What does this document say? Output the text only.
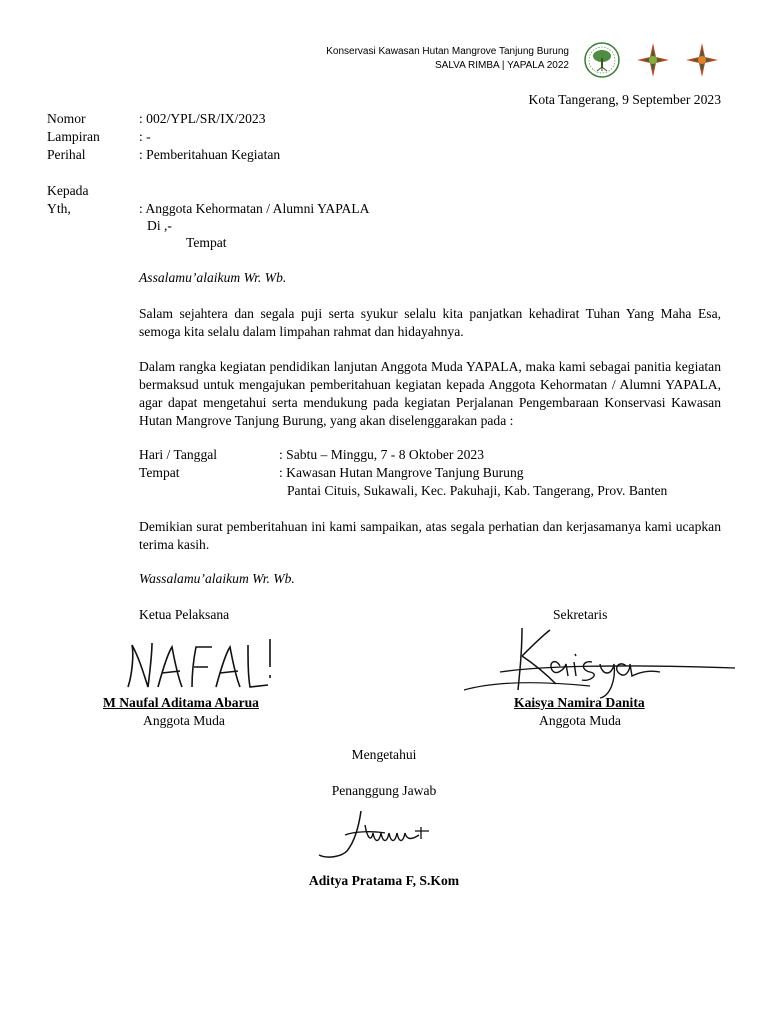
Konservasi Kawasan Hutan Mangrove Tanjung Burung
SALVA RIMBA | YAPALA 2022
Kota Tangerang, 9 September 2023
Nomor	: 002/YPL/SR/IX/2023
Lampiran	: -
Perihal	: Pemberitahuan Kegiatan
Kepada
Yth,	: Anggota Kehormatan / Alumni YAPALA
Di ,-
Tempat
Assalamu’alaikum Wr. Wb.
Salam sejahtera dan segala puji serta syukur selalu kita panjatkan kehadirat Tuhan Yang Maha Esa, semoga kita selalu dalam limpahan rahmat dan hidayahnya.
Dalam rangka kegiatan pendidikan lanjutan Anggota Muda YAPALA, maka kami sebagai panitia kegiatan bermaksud untuk mengajukan pemberitahuan kegiatan kepada Anggota Kehormatan / Alumni YAPALA, agar dapat mengetahui serta mendukung pada kegiatan Perjalanan Pengembaraan Konservasi Kawasan Hutan Mangrove Tanjung Burung, yang akan diselenggarakan pada :
Hari / Tanggal	: Sabtu – Minggu, 7 - 8 Oktober 2023
Tempat	: Kawasan Hutan Mangrove Tanjung Burung
Pantai Cituis, Sukawali, Kec. Pakuhaji, Kab. Tangerang, Prov. Banten
Demikian surat pemberitahuan ini kami sampaikan, atas segala perhatian dan kerjasamanya kami ucapkan terima kasih.
Wassalamu’alaikum Wr. Wb.
Ketua Pelaksana
M Naufal Aditama Abarua
Anggota Muda
Sekretaris
Kaisya Namira Danita
Anggota Muda
Mengetahui
Penanggung Jawab
Aditya Pratama F, S.Kom
